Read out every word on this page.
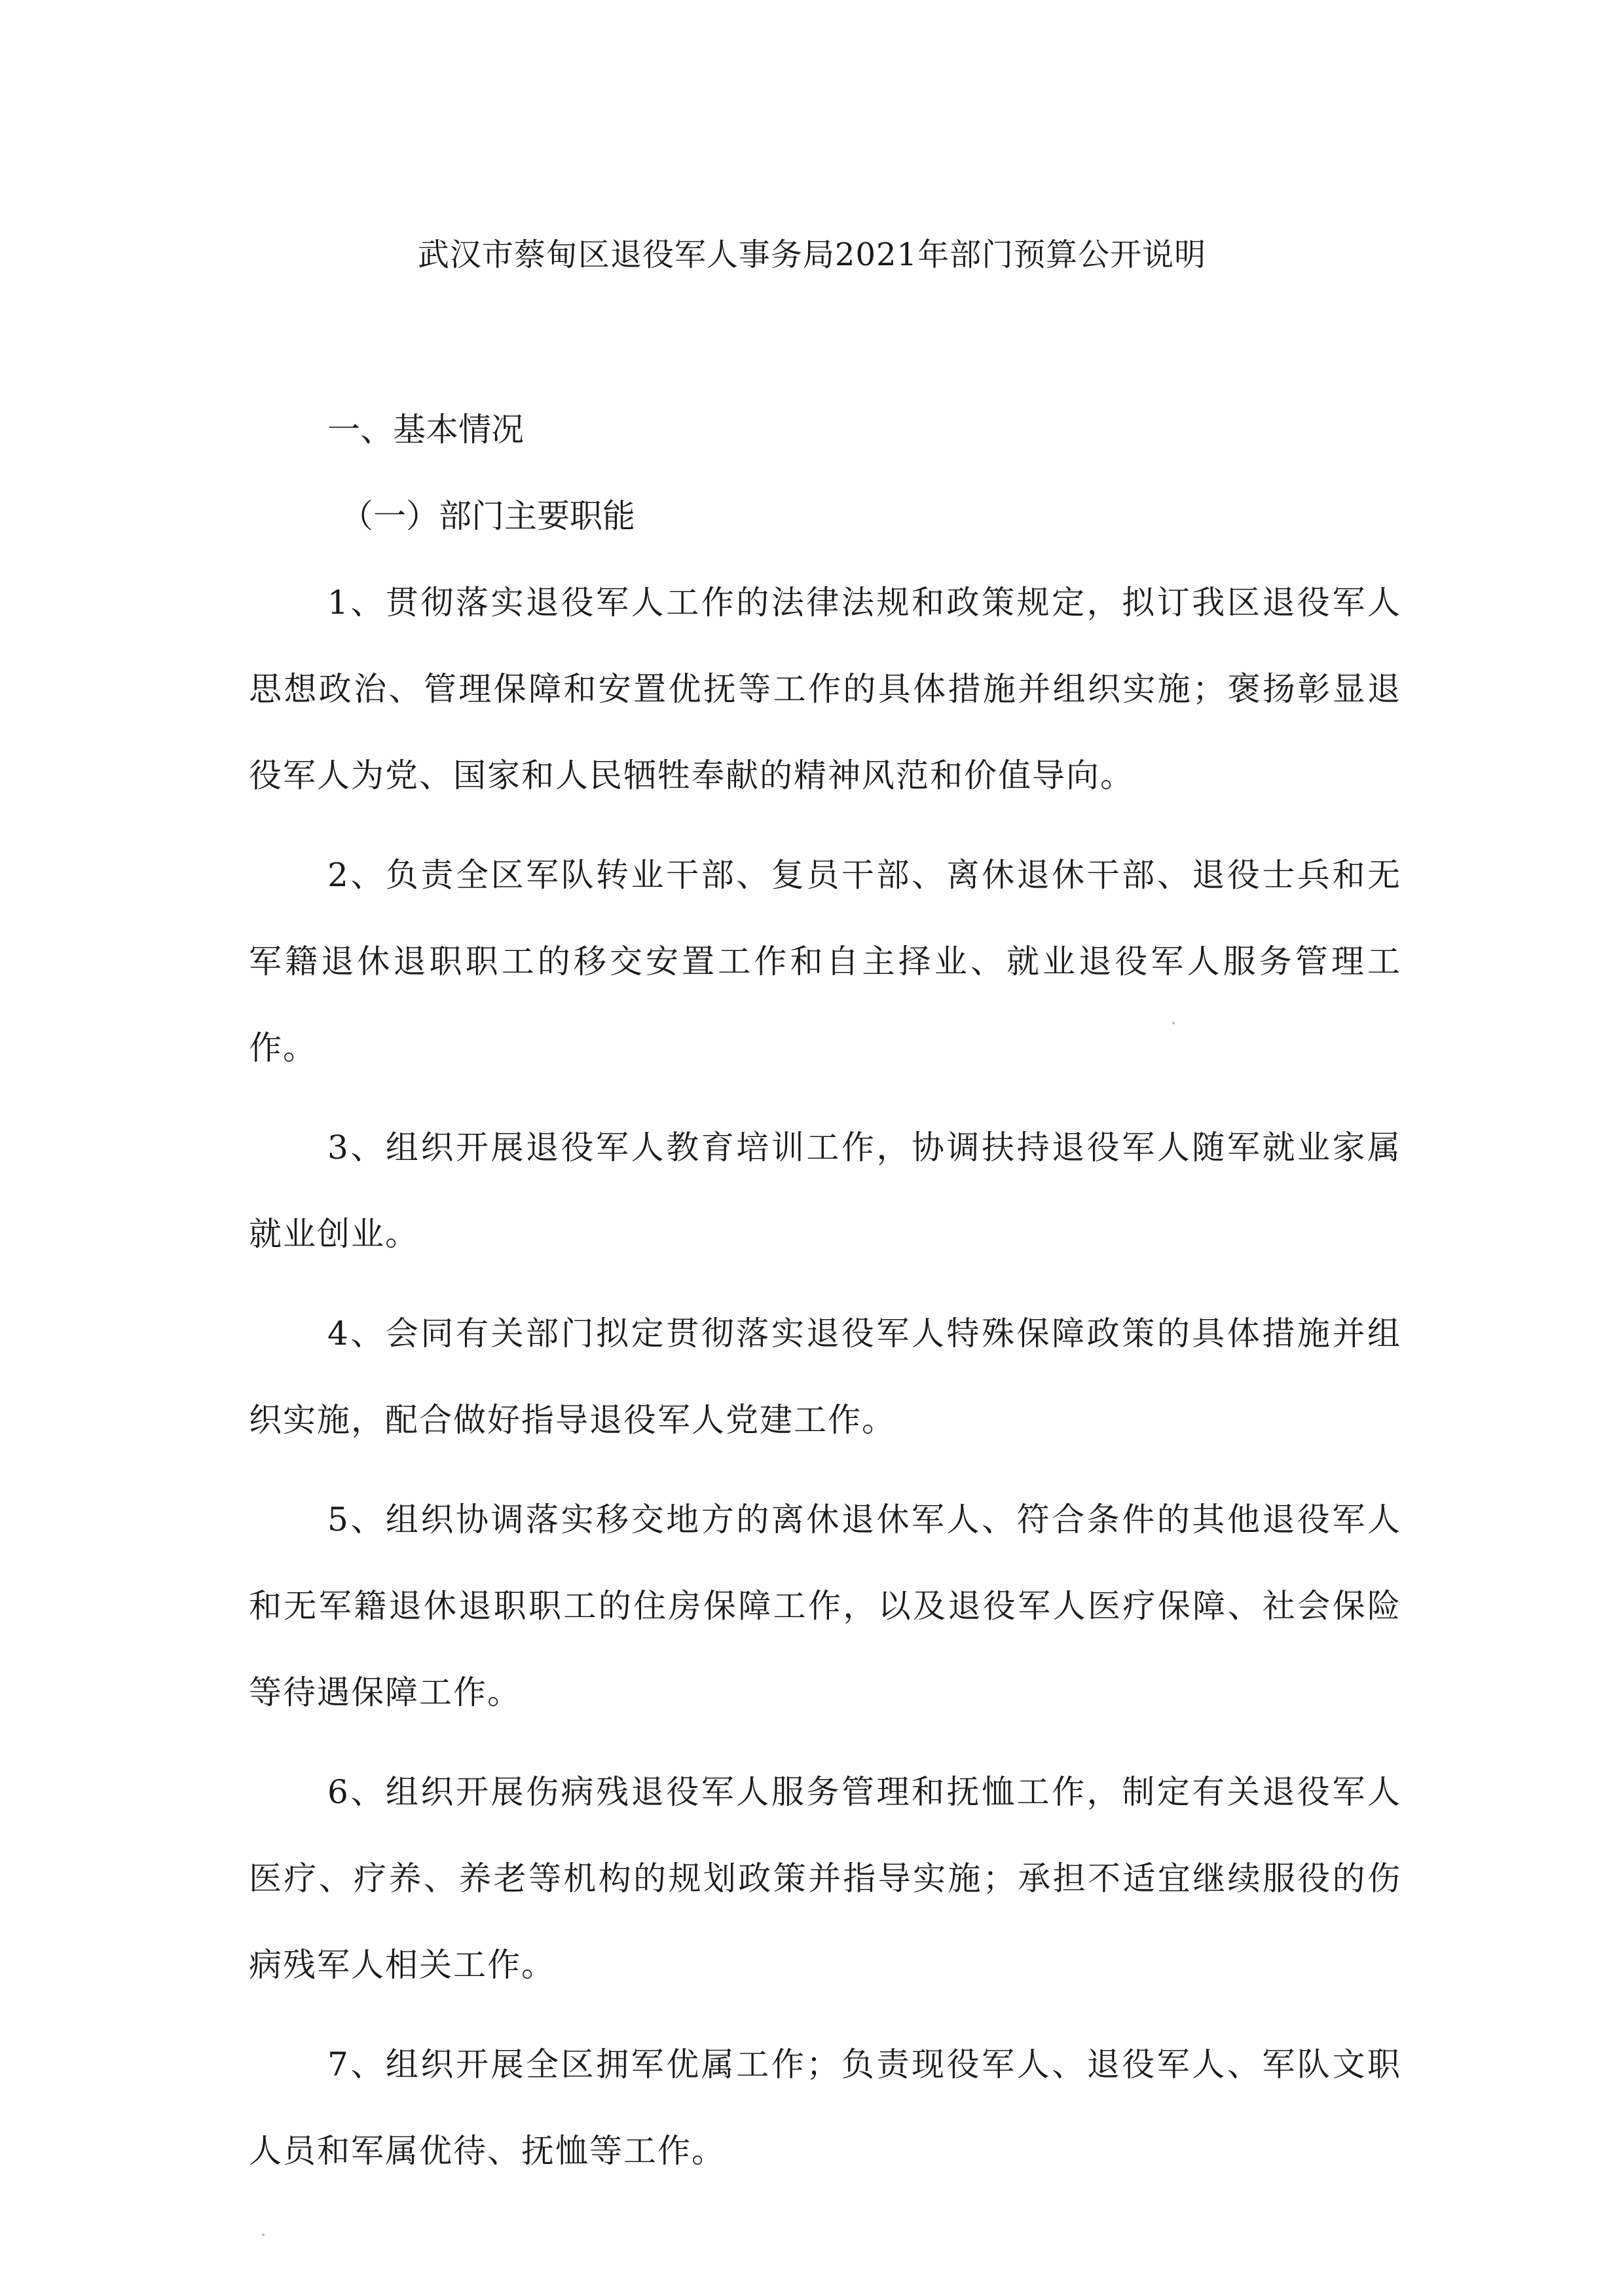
武汉市蔡甸区退役军人事务局2021年部门预算公开说明
一、基本情况
（一）部门主要职能

1、贯彻落实退役军人工作的法律法规和政策规定，拟订我区退役军人思想政治、管理保障和安置优抚等工作的具体措施并组织实施；褒扬彰显退役军人为党、国家和人民牺牲奉献的精神风范和价值导向。

2、负责全区军队转业干部、复员干部、离休退休干部、退役士兵和无军籍退休退职职工的移交安置工作和自主择业、就业退役军人服务管理工作。

3、组织开展退役军人教育培训工作，协调扶持退役军人随军就业家属就业创业。

4、会同有关部门拟定贯彻落实退役军人特殊保障政策的具体措施并组织实施，配合做好指导退役军人党建工作。

5、组织协调落实移交地方的离休退休军人、符合条件的其他退役军人和无军籍退休退职职工的住房保障工作，以及退役军人医疗保障、社会保险等待遇保障工作。

6、组织开展伤病残退役军人服务管理和抚恤工作，制定有关退役军人医疗、疗养、养老等机构的规划政策并指导实施；承担不适宜继续服役的伤病残军人相关工作。

7、组织开展全区拥军优属工作；负责现役军人、退役军人、军队文职人员和军属优待、抚恤等工作。
